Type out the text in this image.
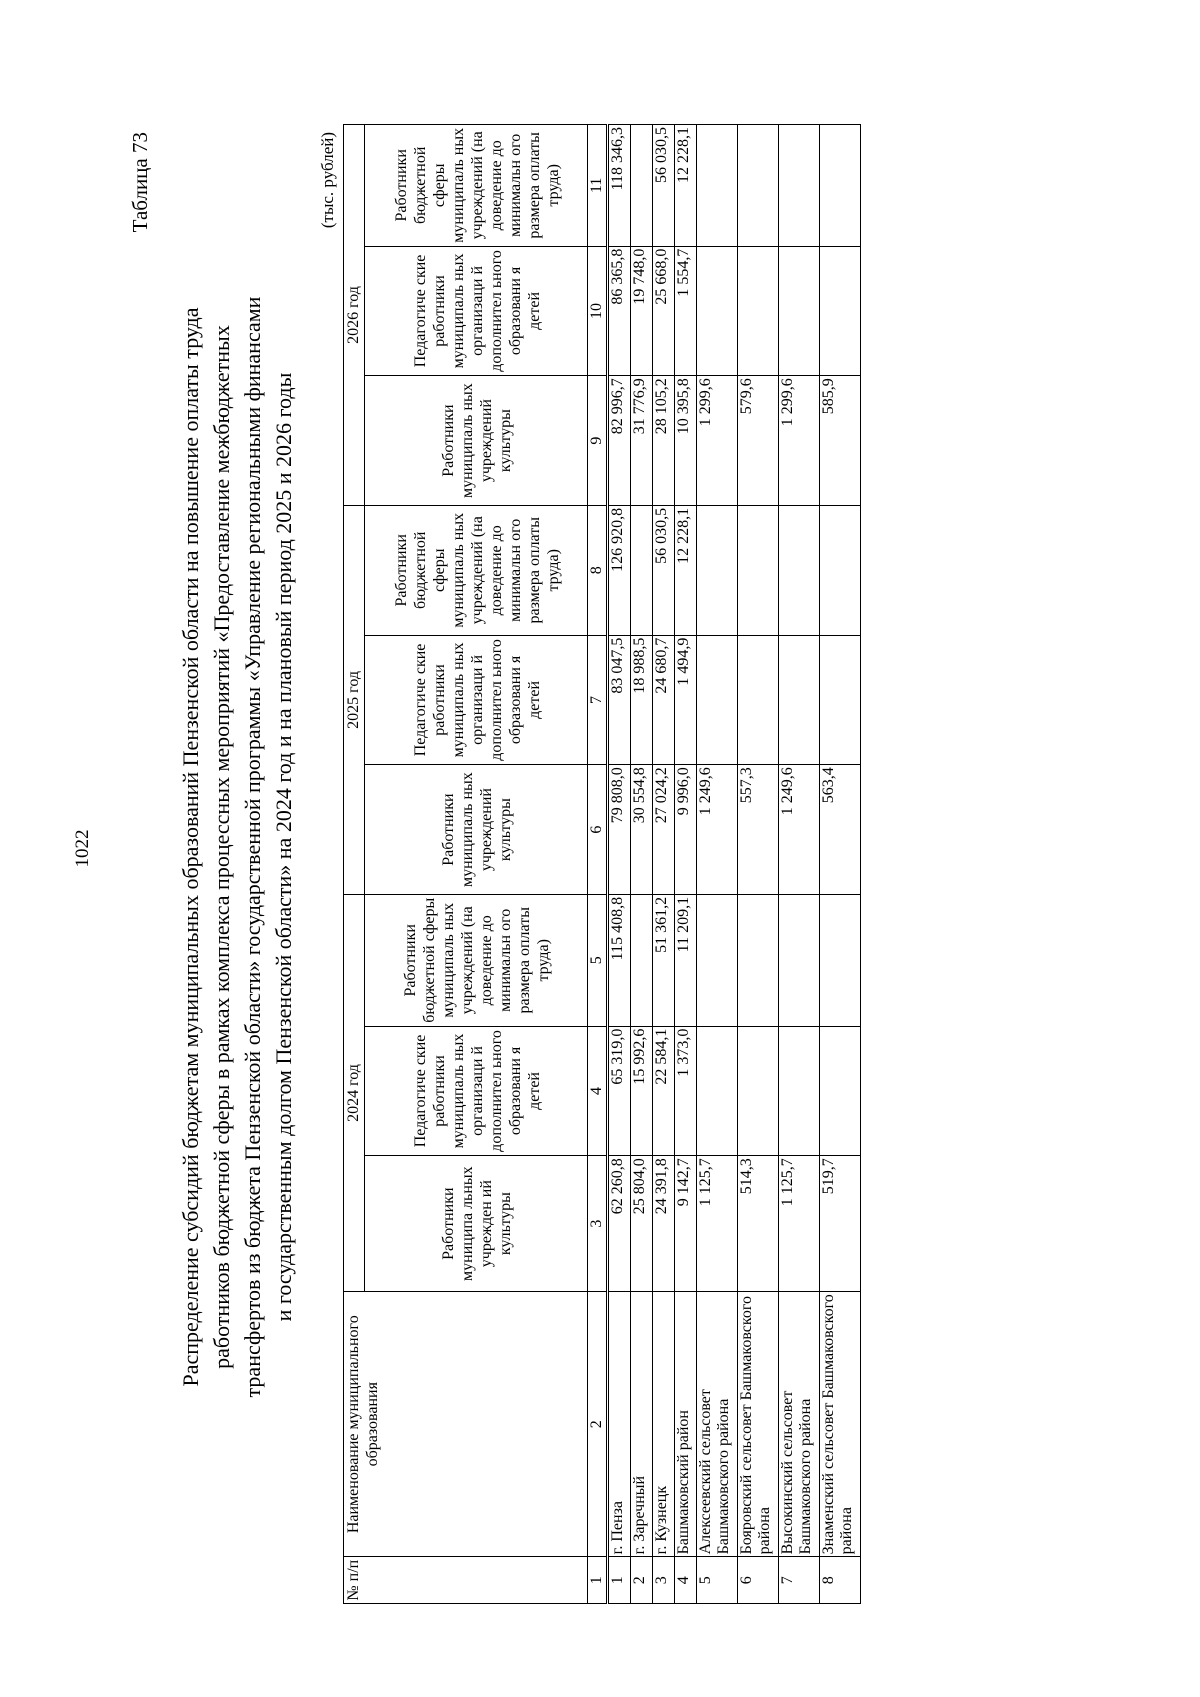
1022
Таблица 73
Распределение субсидий бюджетам муниципальных образований Пензенской области на повышение оплаты труда работников бюджетной сферы в рамках комплекса процессных мероприятий «Предоставление межбюджетных трансфертов из бюджета Пензенской области» государственной программы «Управление региональными финансами и государственным долгом Пензенской области» на 2024 год и на плановый период 2025 и 2026 годы
(тыс. рублей)
№ п/п	Наименование муниципального образования	2024 год			2025 год			2026 год		
		Работники муниципа льных учрежден ий культуры	Педагогиче ские работники муниципаль ных организаци й дополнител ьного образовани я детей	Работники бюджетной сферы муниципаль ных учреждений (на доведение до минимальн ого размера оплаты труда)	Работники муниципаль ных учреждений культуры	Педагогиче ские работники муниципаль ных организаци й дополнител ьного образовани я детей	Работники бюджетной сферы муниципаль ных учреждений (на доведение до минимальн ого размера оплаты труда)	Работники муниципаль ных учреждений культуры	Педагогиче ские работники муниципаль ных организаци й дополнител ьного образовани я детей	Работники бюджетной сферы муниципаль ных учреждений (на доведение до минимальн ого размера оплаты труда)
1	2	3	4	5	6	7	8	9	10	11
1	г. Пенза	62 260,8	65 319,0	115 408,8	79 808,0	83 047,5	126 920,8	82 996,7	86 365,8	118 346,3
2	г. Заречный	25 804,0	15 992,6		30 554,8	18 988,5		31 776,9	19 748,0	
3	г. Кузнецк	24 391,8	22 584,1	51 361,2	27 024,2	24 680,7	56 030,5	28 105,2	25 668,0	56 030,5
4	Башмаковский район	9 142,7	1 373,0	11 209,1	9 996,0	1 494,9	12 228,1	10 395,8	1 554,7	12 228,1
5	Алексеевский сельсовет Башмаковского района	1 125,7			1 249,6			1 299,6		
6	Бояровский сельсовет Башмаковского района	514,3			557,3			579,6		
7	Высокинский сельсовет Башмаковского района	1 125,7			1 249,6			1 299,6		
8	Знаменский сельсовет Башмаковского района	519,7			563,4			585,9		
